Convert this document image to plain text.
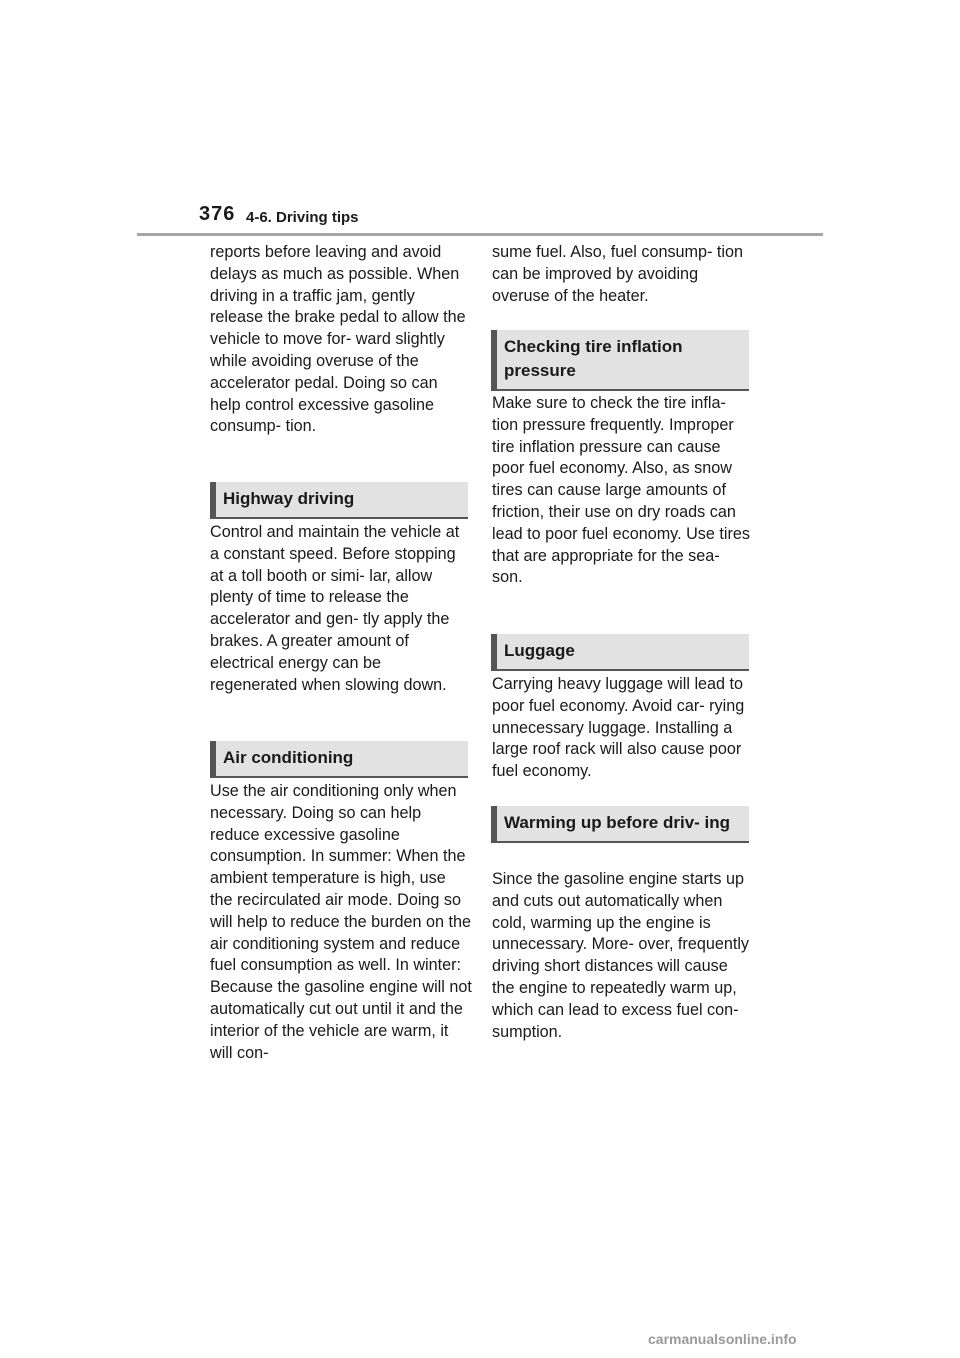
376 4-6. Driving tips

reports before leaving and avoid delays as much as possible. When driving in a traffic jam, gently release the brake pedal to allow the vehicle to move for- ward slightly while avoiding overuse of the accelerator pedal. Doing so can help control excessive gasoline consump- tion.

Highway driving

Control and maintain the vehicle at a constant speed. Before stopping at a toll booth or simi- lar, allow plenty of time to release the accelerator and gen- tly apply the brakes. A greater amount of electrical energy can be regenerated when slowing down.

Air conditioning

Use the air conditioning only when necessary. Doing so can help reduce excessive gasoline consumption. In summer: When the ambient temperature is high, use the recirculated air mode. Doing so will help to reduce the burden on the air conditioning system and reduce fuel consumption as well. In winter: Because the gasoline engine will not automatically cut out until it and the interior of the vehicle are warm, it will con-

sume fuel. Also, fuel consump- tion can be improved by avoiding overuse of the heater.

Checking tire inflation pressure

Make sure to check the tire infla- tion pressure frequently. Improper tire inflation pressure can cause poor fuel economy. Also, as snow tires can cause large amounts of friction, their use on dry roads can lead to poor fuel economy. Use tires that are appropriate for the sea- son.

Luggage

Carrying heavy luggage will lead to poor fuel economy. Avoid car- rying unnecessary luggage. Installing a large roof rack will also cause poor fuel economy.

Warming up before driv- ing

Since the gasoline engine starts up and cuts out automatically when cold, warming up the engine is unnecessary. More- over, frequently driving short distances will cause the engine to repeatedly warm up, which can lead to excess fuel con- sumption.

carmanualsonline.info
